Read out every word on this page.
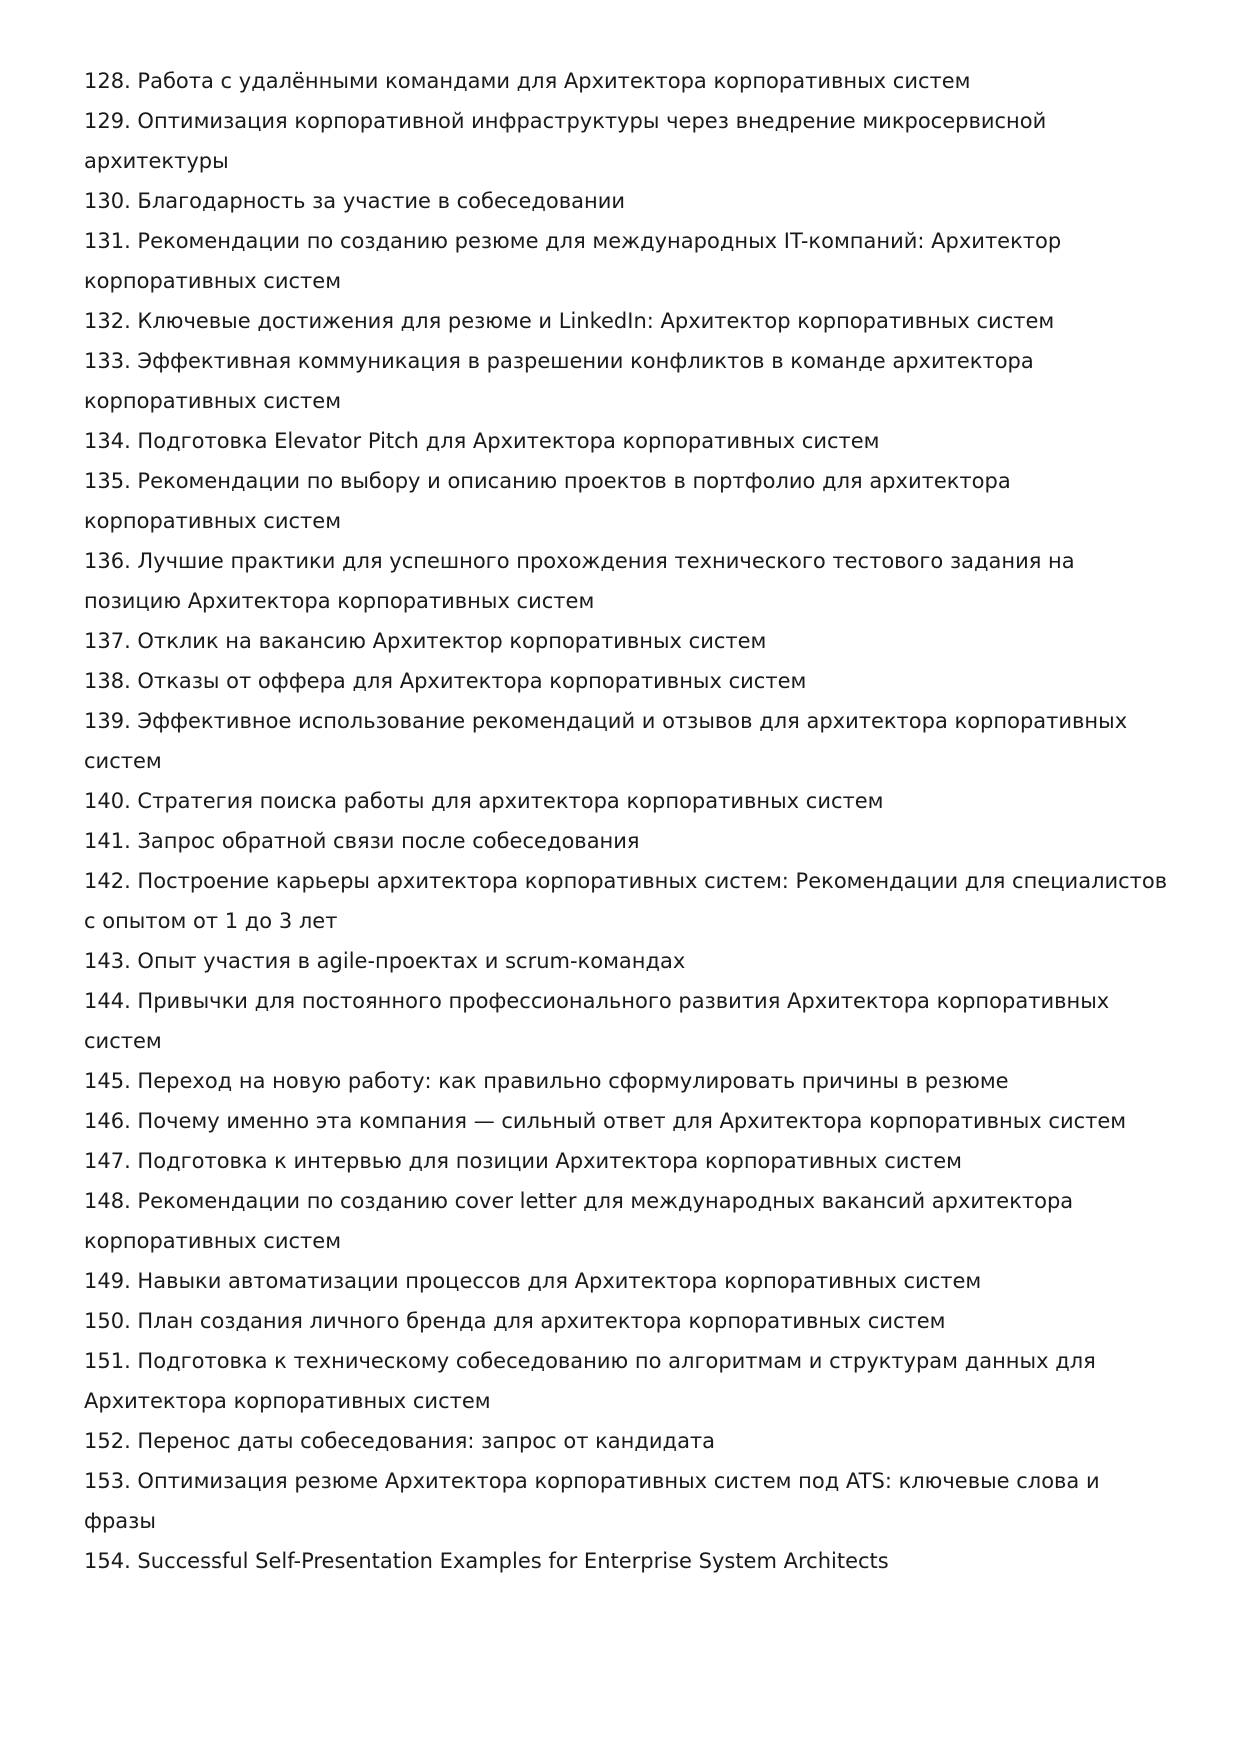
128. Работа с удалёнными командами для Архитектора корпоративных систем
129. Оптимизация корпоративной инфраструктуры через внедрение микросервисной архитектуры
130. Благодарность за участие в собеседовании
131. Рекомендации по созданию резюме для международных IT-компаний: Архитектор корпоративных систем
132. Ключевые достижения для резюме и LinkedIn: Архитектор корпоративных систем
133. Эффективная коммуникация в разрешении конфликтов в команде архитектора корпоративных систем
134. Подготовка Elevator Pitch для Архитектора корпоративных систем
135. Рекомендации по выбору и описанию проектов в портфолио для архитектора корпоративных систем
136. Лучшие практики для успешного прохождения технического тестового задания на позицию Архитектора корпоративных систем
137. Отклик на вакансию Архитектор корпоративных систем
138. Отказы от оффера для Архитектора корпоративных систем
139. Эффективное использование рекомендаций и отзывов для архитектора корпоративных систем
140. Стратегия поиска работы для архитектора корпоративных систем
141. Запрос обратной связи после собеседования
142. Построение карьеры архитектора корпоративных систем: Рекомендации для специалистов с опытом от 1 до 3 лет
143. Опыт участия в agile-проектах и scrum-командах
144. Привычки для постоянного профессионального развития Архитектора корпоративных систем
145. Переход на новую работу: как правильно сформулировать причины в резюме
146. Почему именно эта компания — сильный ответ для Архитектора корпоративных систем
147. Подготовка к интервью для позиции Архитектора корпоративных систем
148. Рекомендации по созданию cover letter для международных вакансий архитектора корпоративных систем
149. Навыки автоматизации процессов для Архитектора корпоративных систем
150. План создания личного бренда для архитектора корпоративных систем
151. Подготовка к техническому собеседованию по алгоритмам и структурам данных для Архитектора корпоративных систем
152. Перенос даты собеседования: запрос от кандидата
153. Оптимизация резюме Архитектора корпоративных систем под ATS: ключевые слова и фразы
154. Successful Self-Presentation Examples for Enterprise System Architects
